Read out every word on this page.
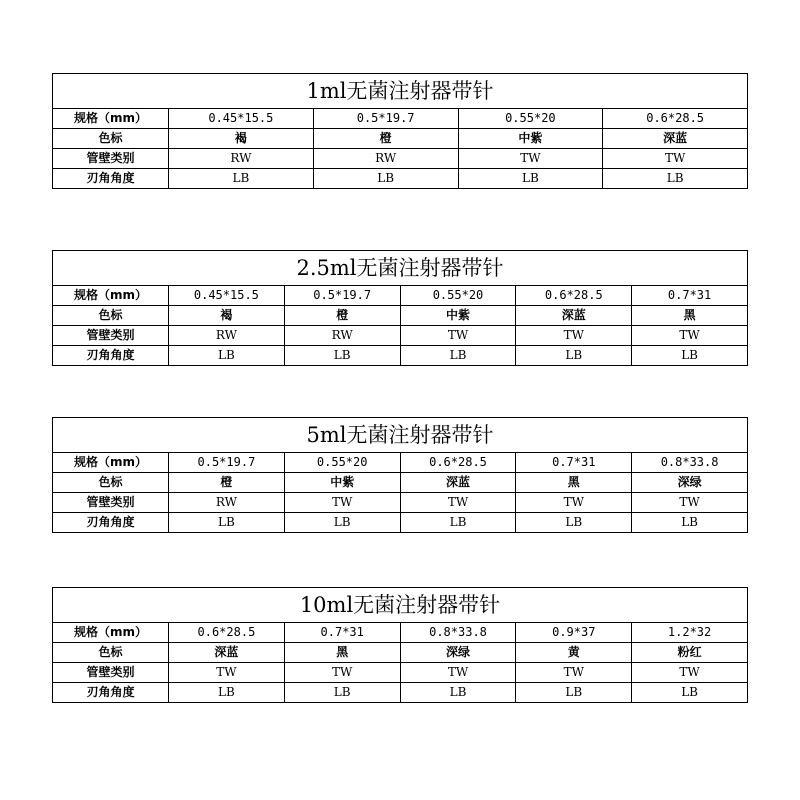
1ml无菌注射器带针				
规格（mm）	0.45*15.5	0.5*19.7	0.55*20	0.6*28.5
色标	褐	橙	中紫	深蓝
管壁类别	RW	RW	TW	TW
刃角角度	LB	LB	LB	LB
2.5ml无菌注射器带针					
规格（mm）	0.45*15.5	0.5*19.7	0.55*20	0.6*28.5	0.7*31
色标	褐	橙	中紫	深蓝	黑
管壁类别	RW	RW	TW	TW	TW
刃角角度	LB	LB	LB	LB	LB
5ml无菌注射器带针					
规格（mm）	0.5*19.7	0.55*20	0.6*28.5	0.7*31	0.8*33.8
色标	橙	中紫	深蓝	黑	深绿
管壁类别	RW	TW	TW	TW	TW
刃角角度	LB	LB	LB	LB	LB
10ml无菌注射器带针					
规格（mm）	0.6*28.5	0.7*31	0.8*33.8	0.9*37	1.2*32
色标	深蓝	黑	深绿	黄	粉红
管壁类别	TW	TW	TW	TW	TW
刃角角度	LB	LB	LB	LB	LB
